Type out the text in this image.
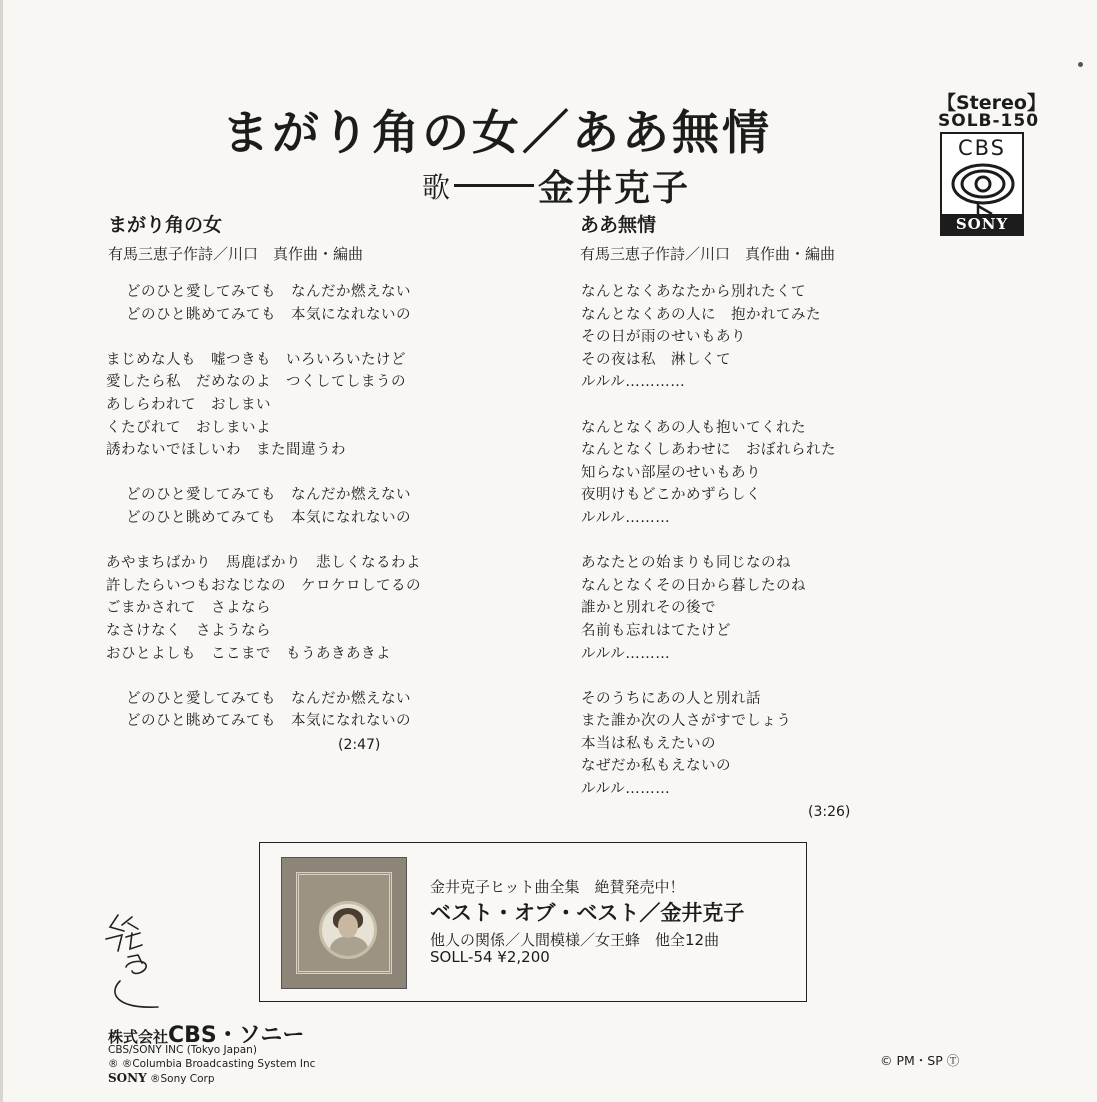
まがり角の女／ああ無情
歌 金井克子
【Stereo】
SOLB-150
CBS
SONY
まがり角の女
有馬三恵子作詩／川口　真作曲・編曲
どのひと愛してみても　なんだか燃えない
どのひと眺めてみても　本気になれないの
まじめな人も　嘘つきも　いろいろいたけど
愛したら私　だめなのよ　つくしてしまうの
あしらわれて　おしまい
くたびれて　おしまいよ
誘わないでほしいわ　また間違うわ
どのひと愛してみても　なんだか燃えない
どのひと眺めてみても　本気になれないの
あやまちばかり　馬鹿ばかり　悲しくなるわよ
許したらいつもおなじなの　ケロケロしてるの
ごまかされて　さよなら
なさけなく　さようなら
おひとよしも　ここまで　もうあきあきよ
どのひと愛してみても　なんだか燃えない
どのひと眺めてみても　本気になれないの
(2:47)
ああ無情
有馬三恵子作詩／川口　真作曲・編曲
なんとなくあなたから別れたくて
なんとなくあの人に　抱かれてみた
その日が雨のせいもあり
その夜は私　淋しくて
ルルル…………
なんとなくあの人も抱いてくれた
なんとなくしあわせに　おぼれられた
知らない部屋のせいもあり
夜明けもどこかめずらしく
ルルル………
あなたとの始まりも同じなのね
なんとなくその日から暮したのね
誰かと別れその後で
名前も忘れはてたけど
ルルル………
そのうちにあの人と別れ話
また誰か次の人さがすでしょう
本当は私もえたいの
なぜだか私もえないの
ルルル………
(3:26)
金井克子ヒット曲全集　絶賛発売中！
ベスト・オブ・ベスト／金井克子
他人の関係／人間模様／女王蜂　他全12曲
SOLL‐54 ¥2,200
株式会社CBS・ソニー
CBS/SONY INC (Tokyo Japan)
® ®Columbia Broadcasting System Inc
SONY ®Sony Corp
© PM・SP Ⓣ
